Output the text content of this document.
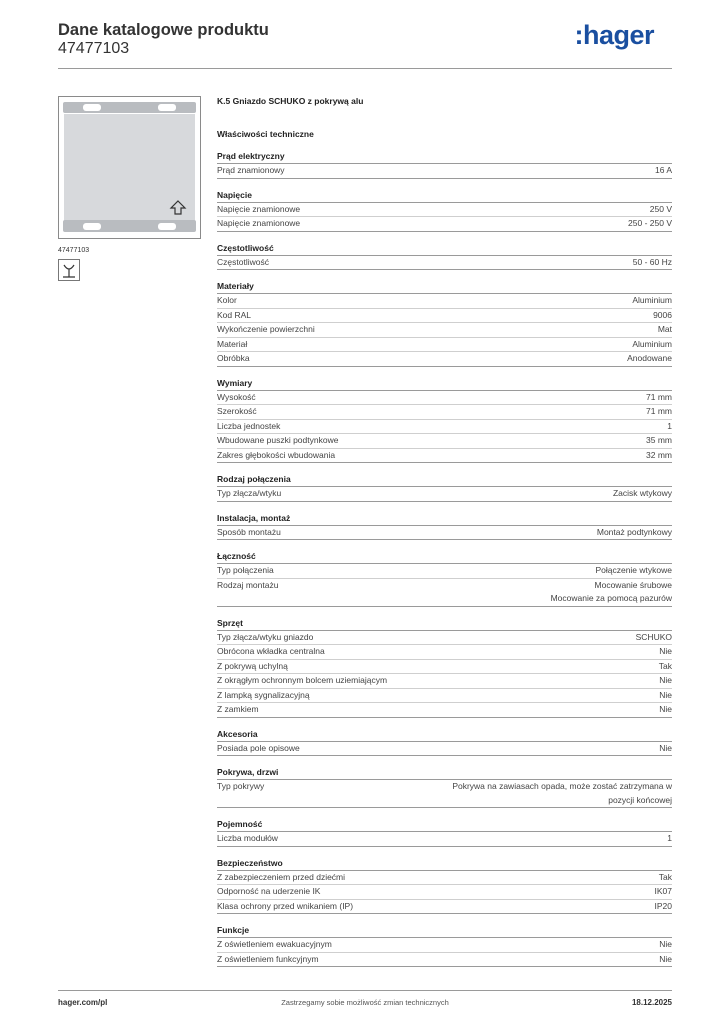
Dane katalogowe produktu
47477103	:hager
47477103
K.5 Gniazdo SCHUKO z pokrywą alu
Właściwości techniczne
Prąd elektryczny
Prąd znamionowy	16 A
Napięcie
Napięcie znamionowe	250 V
Napięcie znamionowe	250 - 250 V
Częstotliwość
Częstotliwość	50 - 60 Hz
Materiały
Kolor	Aluminium
Kod RAL	9006
Wykończenie powierzchni	Mat
Materiał	Aluminium
Obróbka	Anodowane
Wymiary
Wysokość	71 mm
Szerokość	71 mm
Liczba jednostek	1
Wbudowane puszki podtynkowe	35 mm
Zakres głębokości wbudowania	32 mm
Rodzaj połączenia
Typ złącza/wtyku	Zacisk wtykowy
Instalacja, montaż
Sposób montażu	Montaż podtynkowy
Łączność
Typ połączenia	Połączenie wtykowe
Rodzaj montażu	Mocowanie śrubowe
Mocowanie za pomocą pazurów
Sprzęt
Typ złącza/wtyku gniazdo	SCHUKO
Obrócona wkładka centralna	Nie
Z pokrywą uchylną	Tak
Z okrągłym ochronnym bolcem uziemiającym	Nie
Z lampką sygnalizacyjną	Nie
Z zamkiem	Nie
Akcesoria
Posiada pole opisowe	Nie
Pokrywa, drzwi
Typ pokrywy	Pokrywa na zawiasach opada, może zostać zatrzymana w
pozycji końcowej
Pojemność
Liczba modułów	1
Bezpieczeństwo
Z zabezpieczeniem przed dziećmi	Tak
Odporność na uderzenie IK	IK07
Klasa ochrony przed wnikaniem (IP)	IP20
Funkcje
Z oświetleniem ewakuacyjnym	Nie
Z oświetleniem funkcyjnym	Nie
hager.com/pl	Zastrzegamy sobie możliwość zmian technicznych	18.12.2025
